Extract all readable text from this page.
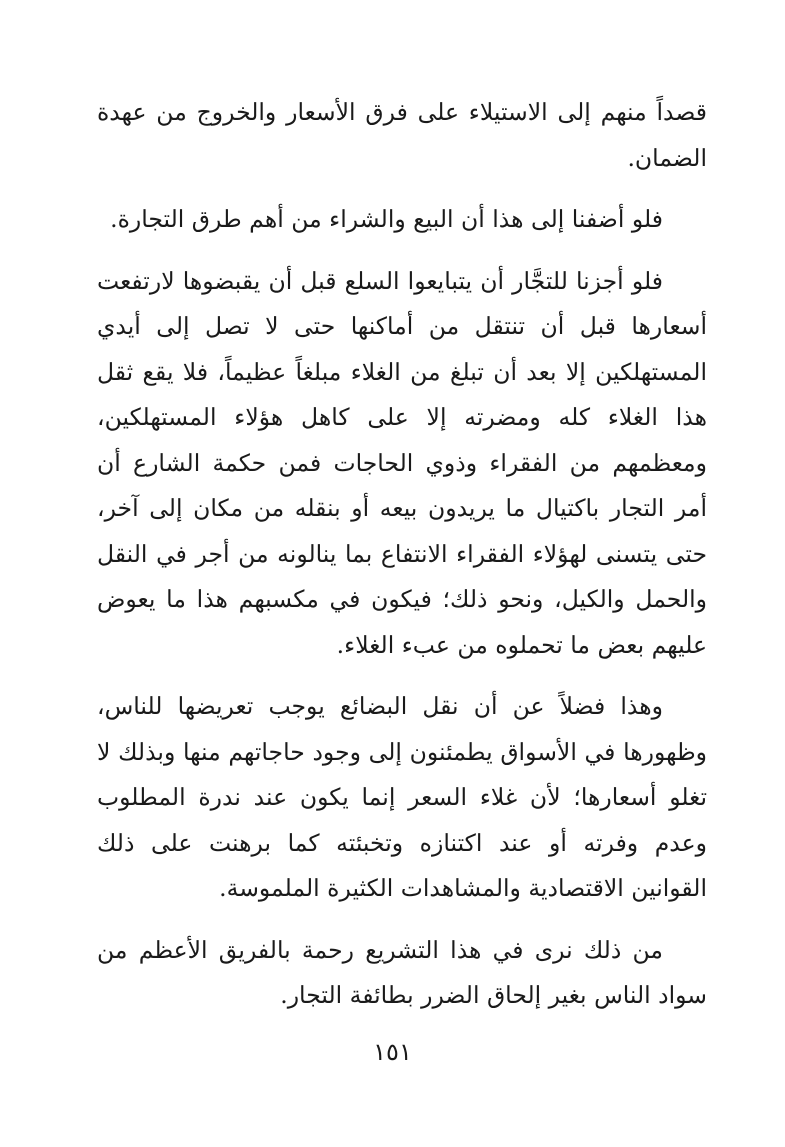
قصداً منهم إلى الاستيلاء على فرق الأسعار والخروج من عهدة الضمان.

فلو أضفنا إلى هذا أن البيع والشراء من أهم طرق التجارة.

فلو أجزنا للتجَّار أن يتبايعوا السلع قبل أن يقبضوها لارتفعت أسعارها قبل أن تنتقل من أماكنها حتى لا تصل إلى أيدي المستهلكين إلا بعد أن تبلغ من الغلاء مبلغاً عظيماً، فلا يقع ثقل هذا الغلاء كله ومضرته إلا على كاهل هؤلاء المستهلكين، ومعظمهم من الفقراء وذوي الحاجات فمن حكمة الشارع أن أمر التجار باكتيال ما يريدون بيعه أو بنقله من مكان إلى آخر، حتى يتسنى لهؤلاء الفقراء الانتفاع بما ينالونه من أجر في النقل والحمل والكيل، ونحو ذلك؛ فيكون في مكسبهم هذا ما يعوض عليهم بعض ما تحملوه من عبء الغلاء.

وهذا فضلاً عن أن نقل البضائع يوجب تعريضها للناس، وظهورها في الأسواق يطمئنون إلى وجود حاجاتهم منها وبذلك لا تغلو أسعارها؛ لأن غلاء السعر إنما يكون عند ندرة المطلوب وعدم وفرته أو عند اكتنازه وتخبئته كما برهنت على ذلك القوانين الاقتصادية والمشاهدات الكثيرة الملموسة.

من ذلك نرى في هذا التشريع رحمة بالفريق الأعظم من سواد الناس بغير إلحاق الضرر بطائفة التجار.

١٥١
